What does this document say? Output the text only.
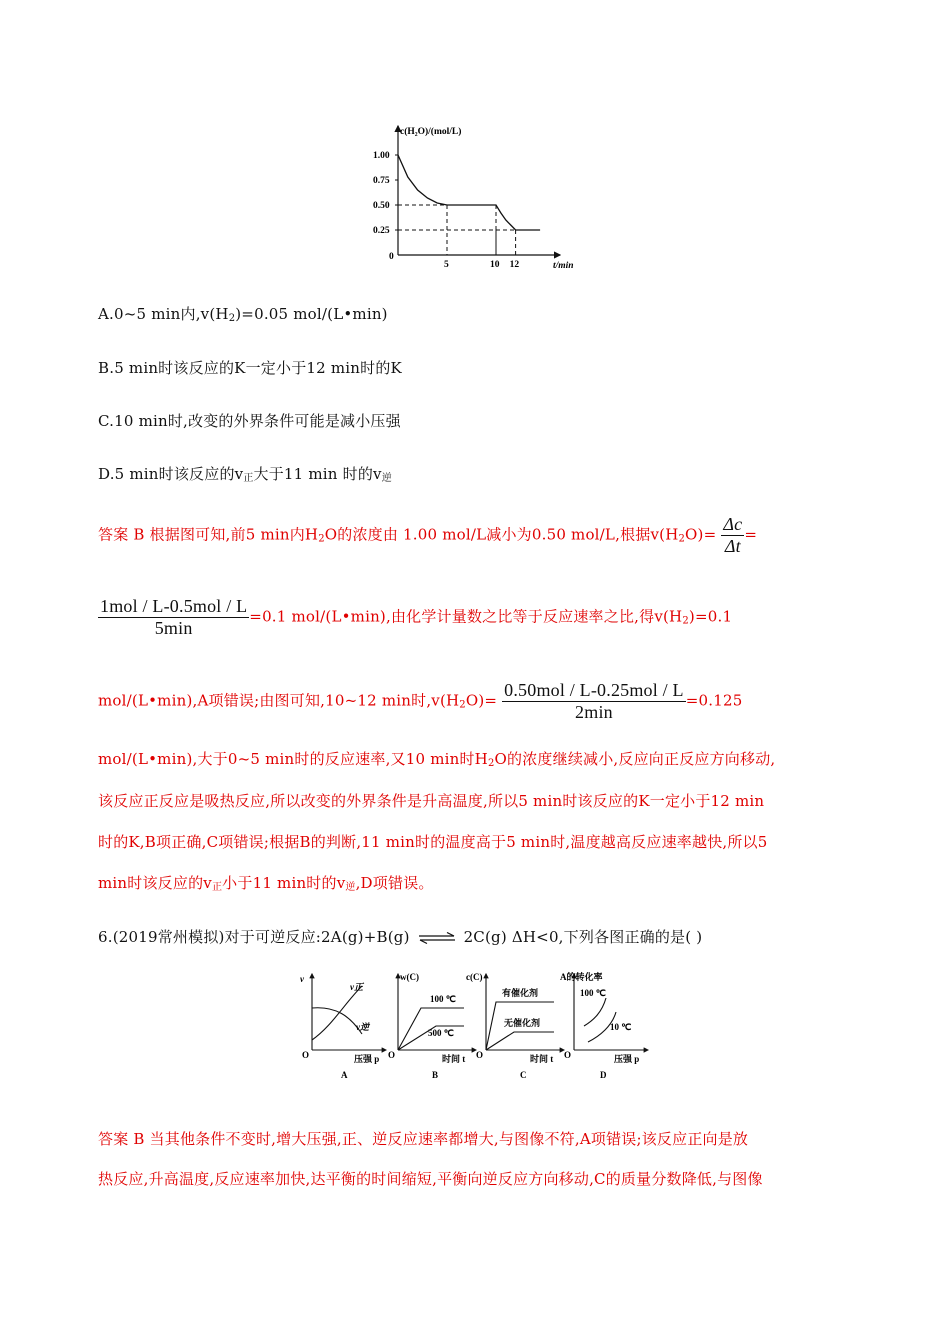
c(H₂O)/(mol/L)
t/min
0
1.00
0.75
0.50
0.25
5	10 12
A.0~5 min内$,v(H_2)=0.05$ mol/(L•min)
B.5 min时该反应的K一定小于12 min时的K
C.10 min时,改变的外界条件可能是减小压强
D.5 min时该反应的$v_正$大于11 min 时的$v_逆$
答案 B 根据图可知,前5 min内$H_2O$的浓度由 1.00 mol/L减小为0.50 mol/L,根据$v(H_2O)= \frac{\Delta c}{\Delta t}$ =
$\frac{\text{1mol / L-0.5mol / L}}{5\min} =0.1$ mol/(L•min),由化学计量数之比等于反应速率之比,得$v(H_2)=0.1$
mol/(L•min),A项错误;由图可知,10~12 min时$,v(H_2O)= \frac{\text{0.50mol / L-0.25mol / L}}{2\min} =0.125$
mol/(L•min),大于0~5 min时的反应速率,又10 min时$H_2O$的浓度继续减小,反应向正反应方向移动,
该反应正反应是吸热反应,所以改变的外界条件是升高温度,所以5 min时该反应的K一定小于12 min
时的K,B项正确,C项错误;根据B的判断,11 min时的温度高于5 min时,温度越高反应速率越快,所以5
min时该反应的$v_正$小于11 min时的$v_逆,D$项错误。
6.(2019常州模拟)对于可逆反应:2A(g)+B(g) ⇌ 2C(g) ΔH<0,下列各图正确的是( )
v
O	压强 p
v正
v逆
A
w(C)
O	时间 t
100 ℃
500 ℃
B
c(C)
O	时间 t
有催化剂
无催化剂
C
A的转化率
O	压强 p
100 ℃
10 ℃
D
答案 B 当其他条件不变时,增大压强,正、逆反应速率都增大,与图像不符,A项错误;该反应正向是放
热反应,升高温度,反应速率加快,达平衡的时间缩短,平衡向逆反应方向移动,C的质量分数降低,与图像
